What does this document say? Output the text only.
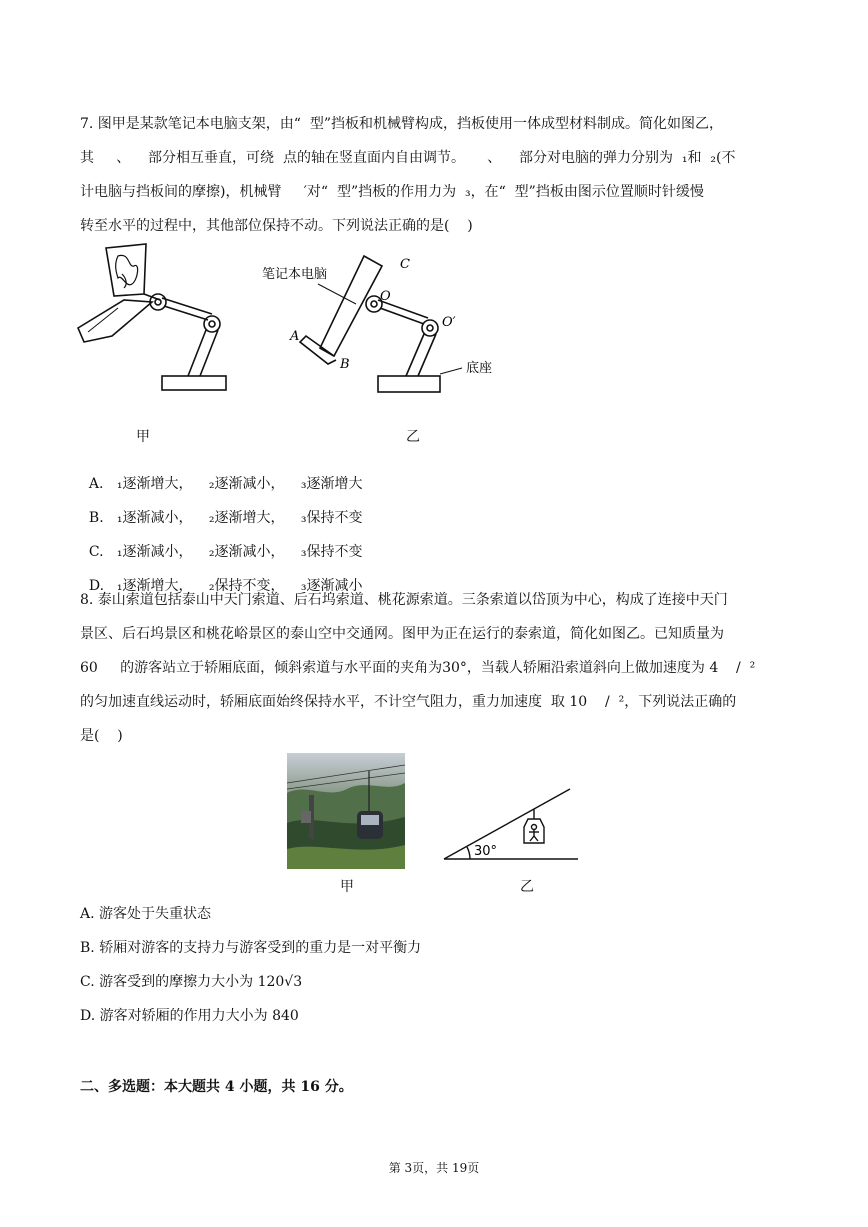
7. 图甲是某款笔记本电脑支架，由“  型”挡板和机械臂构成，挡板使用一体成型材料制成。简化如图乙，
其     、    部分相互垂直，可绕  点的轴在竖直面内自由调节。     、    部分对电脑的弹力分别为  ₁和  ₂(不
计电脑与挡板间的摩擦)，机械臂     ′对“  型”挡板的作用力为  ₃，在“  型”挡板由图示位置顺时针缓慢
转至水平的过程中，其他部位保持不动。下列说法正确的是(    )
甲
笔记本电脑
A
B
C
O
O′
底座
乙

A. ₁逐渐增大， ₂逐渐减小， ₃逐渐增大

B. ₁逐渐减小， ₂逐渐增大， ₃保持不变

C. ₁逐渐减小， ₂逐渐减小， ₃保持不变

D. ₁逐渐增大， ₂保持不变， ₃逐渐减小

8. 泰山索道包括泰山中天门索道、后石坞索道、桃花源索道。三条索道以岱顶为中心，构成了连接中天门
景区、后石坞景区和桃花峪景区的泰山空中交通网。图甲为正在运行的泰索道，简化如图乙。已知质量为
60     的游客站立于轿厢底面，倾斜索道与水平面的夹角为30°，当载人轿厢沿索道斜向上做加速度为 4    /  ²
的匀加速直线运动时，轿厢底面始终保持水平，不计空气阻力，重力加速度  取 10    /  ²，下列说法正确的
是(    )
甲
30°
乙
A. 游客处于失重状态
B. 轿厢对游客的支持力与游客受到的重力是一对平衡力
C. 游客受到的摩擦力大小为 120√3
D. 游客对轿厢的作用力大小为 840
二、多选题：本大题共 4 小题，共 16 分。
第 3页，共 19页
